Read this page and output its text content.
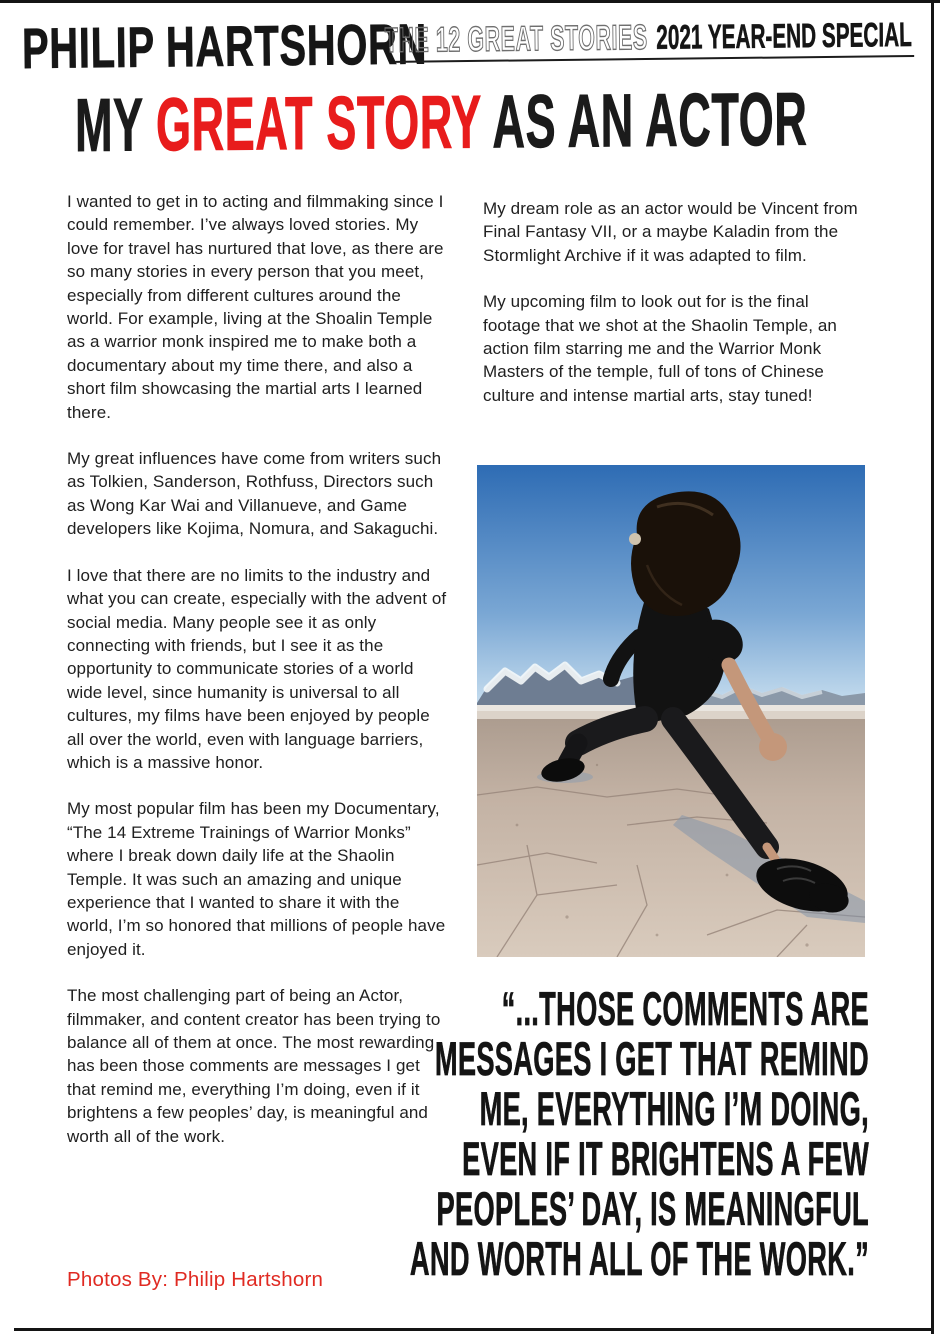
PHILIP HARTSHORN
THE 12 GREAT STORIES 2021 YEAR-END SPECIAL
MY GREAT STORY AS AN ACTOR

I wanted to get in to acting and filmmaking since I could remember. I’ve always loved stories. My love for travel has nurtured that love, as there are so many stories in every person that you meet, especially from different cultures around the world. For example, living at the Shoalin Temple as a warrior monk inspired me to make both a documentary about my time there, and also a short film showcasing the martial arts I learned there.

My great influences have come from writers such as Tolkien, Sanderson, Rothfuss, Directors such as Wong Kar Wai and Villanueve, and Game developers like Kojima, Nomura, and Sakaguchi.

I love that there are no limits to the industry and what you can create, especially with the advent of social media. Many people see it as only connecting with friends, but I see it as the opportunity to communicate stories of a world wide level, since humanity is universal to all cultures, my films have been enjoyed by people all over the world, even with language barriers, which is a massive honor.

My most popular film has been my Documentary, “The 14 Extreme Trainings of Warrior Monks” where I break down daily life at the Shaolin Temple. It was such an amazing and unique experience that I wanted to share it with the world, I’m so honored that millions of people have enjoyed it.

The most challenging part of being an Actor, filmmaker, and content creator has been trying to balance all of them at once. The most rewarding has been those comments are messages I get that remind me, everything I’m doing, even if it brightens a few peoples’ day, is meaningful and worth all of the work.

My dream role as an actor would be Vincent from Final Fantasy VII, or a maybe Kaladin from the Stormlight Archive if it was adapted to film.

My upcoming film to look out for is the final footage that we shot at the Shaolin Temple, an action film starring me and the Warrior Monk Masters of the temple, full of tons of Chinese culture and intense martial arts, stay tuned!

“...THOSE COMMENTS ARE
MESSAGES I GET THAT REMIND
ME, EVERYTHING I’M DOING,
EVEN IF IT BRIGHTENS A FEW
PEOPLES’ DAY, IS MEANINGFUL
AND WORTH ALL OF THE WORK.”
Photos By: Philip Hartshorn
